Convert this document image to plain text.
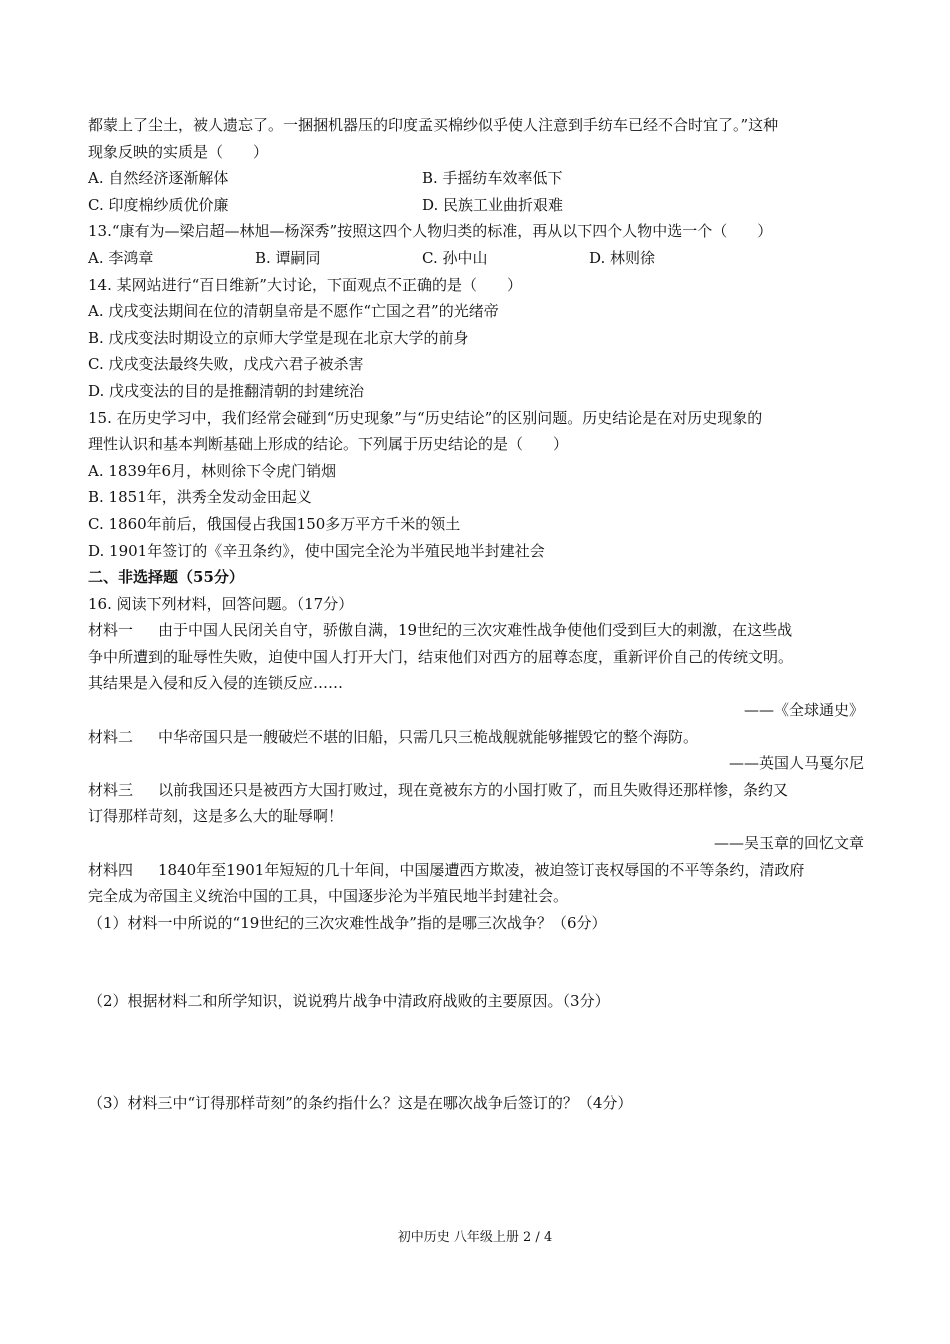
都蒙上了尘土，被人遗忘了。一捆捆机器压的印度孟买棉纱似乎使人注意到手纺车已经不合时宜了。”这种
现象反映的实质是（　　）
A. 自然经济逐渐解体	B. 手摇纺车效率低下
C. 印度棉纱质优价廉	D. 民族工业曲折艰难
13.“康有为—梁启超—林旭—杨深秀”按照这四个人物归类的标准，再从以下四个人物中选一个（　　）
A. 李鸿章	B. 谭嗣同	C. 孙中山	D. 林则徐
14. 某网站进行“百日维新”大讨论，下面观点不正确的是（　　）
A. 戊戌变法期间在位的清朝皇帝是不愿作“亡国之君”的光绪帝
B. 戊戌变法时期设立的京师大学堂是现在北京大学的前身
C. 戊戌变法最终失败，戊戌六君子被杀害
D. 戊戌变法的目的是推翻清朝的封建统治
15. 在历史学习中，我们经常会碰到“历史现象”与“历史结论”的区别问题。历史结论是在对历史现象的
理性认识和基本判断基础上形成的结论。下列属于历史结论的是（　　）
A. 1839年6月，林则徐下令虎门销烟
B. 1851年，洪秀全发动金田起义
C. 1860年前后，俄国侵占我国150多万平方千米的领土
D. 1901年签订的《辛丑条约》，使中国完全沦为半殖民地半封建社会
二、非选择题（55分）
16. 阅读下列材料，回答问题。（17分）
材料一 由于中国人民闭关自守，骄傲自满，19世纪的三次灾难性战争使他们受到巨大的刺激，在这些战
争中所遭到的耻辱性失败，迫使中国人打开大门，结束他们对西方的屈尊态度，重新评价自己的传统文明。
其结果是入侵和反入侵的连锁反应……
——《全球通史》
材料二 中华帝国只是一艘破烂不堪的旧船，只需几只三桅战舰就能够摧毁它的整个海防。
——英国人马戛尔尼
材料三 以前我国还只是被西方大国打败过，现在竟被东方的小国打败了，而且失败得还那样惨，条约又
订得那样苛刻，这是多么大的耻辱啊！
——吴玉章的回忆文章
材料四 1840年至1901年短短的几十年间，中国屡遭西方欺凌，被迫签订丧权辱国的不平等条约，清政府
完全成为帝国主义统治中国的工具，中国逐步沦为半殖民地半封建社会。
（1）材料一中所说的“19世纪的三次灾难性战争”指的是哪三次战争？（6分）
（2）根据材料二和所学知识，说说鸦片战争中清政府战败的主要原因。（3分）
（3）材料三中“订得那样苛刻”的条约指什么？这是在哪次战争后签订的？（4分）
初中历史 八年级上册 2 / 4
